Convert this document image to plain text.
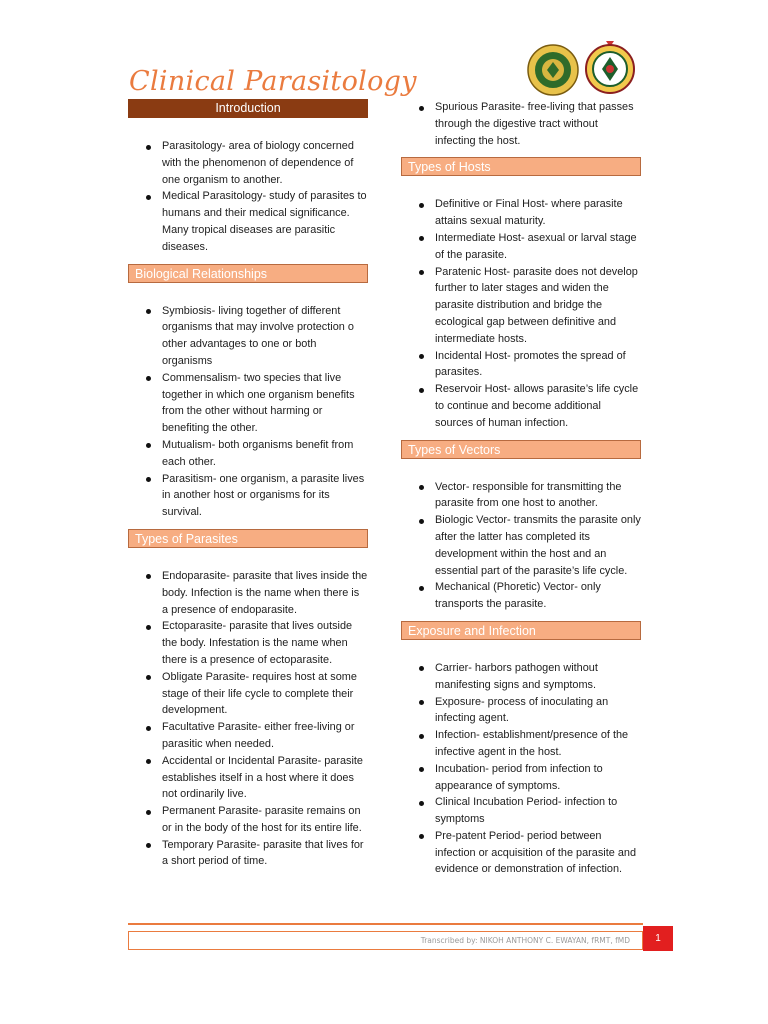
Clinical Parasitology
Introduction
Parasitology- area of biology concerned with the phenomenon of dependence of one organism to another.
Medical Parasitology- study of parasites to humans and their medical significance. Many tropical diseases are parasitic diseases.
Biological Relationships
Symbiosis- living together of different organisms that may involve protection o other advantages to one or both organisms
Commensalism- two species that live together in which one organism benefits from the other without harming or benefiting the other.
Mutualism- both organisms benefit from each other.
Parasitism- one organism, a parasite lives in another host or organisms for its survival.
Types of Parasites
Endoparasite- parasite that lives inside the body. Infection is the name when there is a presence of endoparasite.
Ectoparasite- parasite that lives outside the body. Infestation is the name when there is a presence of ectoparasite.
Obligate Parasite- requires host at some stage of their life cycle to complete their development.
Facultative Parasite- either free-living or parasitic when needed.
Accidental or Incidental Parasite- parasite establishes itself in a host where it does not ordinarily live.
Permanent Parasite- parasite remains on or in the body of the host for its entire life.
Temporary Parasite- parasite that lives for a short period of time.
Spurious Parasite- free-living that passes through the digestive tract without infecting the host.
Types of Hosts
Definitive or Final Host- where parasite attains sexual maturity.
Intermediate Host- asexual or larval stage of the parasite.
Paratenic Host- parasite does not develop further to later stages and widen the parasite distribution and bridge the ecological gap between definitive and intermediate hosts.
Incidental Host- promotes the spread of parasites.
Reservoir Host- allows parasite’s life cycle to continue and become additional sources of human infection.
Types of Vectors
Vector- responsible for transmitting the parasite from one host to another.
Biologic Vector- transmits the parasite only after the latter has completed its development within the host and an essential part of the parasite’s life cycle.
Mechanical (Phoretic) Vector- only transports the parasite.
Exposure and Infection
Carrier- harbors pathogen without manifesting signs and symptoms.
Exposure- process of inoculating an infecting agent.
Infection- establishment/presence of the infective agent in the host.
Incubation- period from infection to appearance of symptoms.
Clinical Incubation Period- infection to symptoms
Pre-patent Period- period between infection or acquisition of the parasite and evidence or demonstration of infection.
Transcribed by: NIKOH ANTHONY C. EWAYAN, fRMT, fMD	1
